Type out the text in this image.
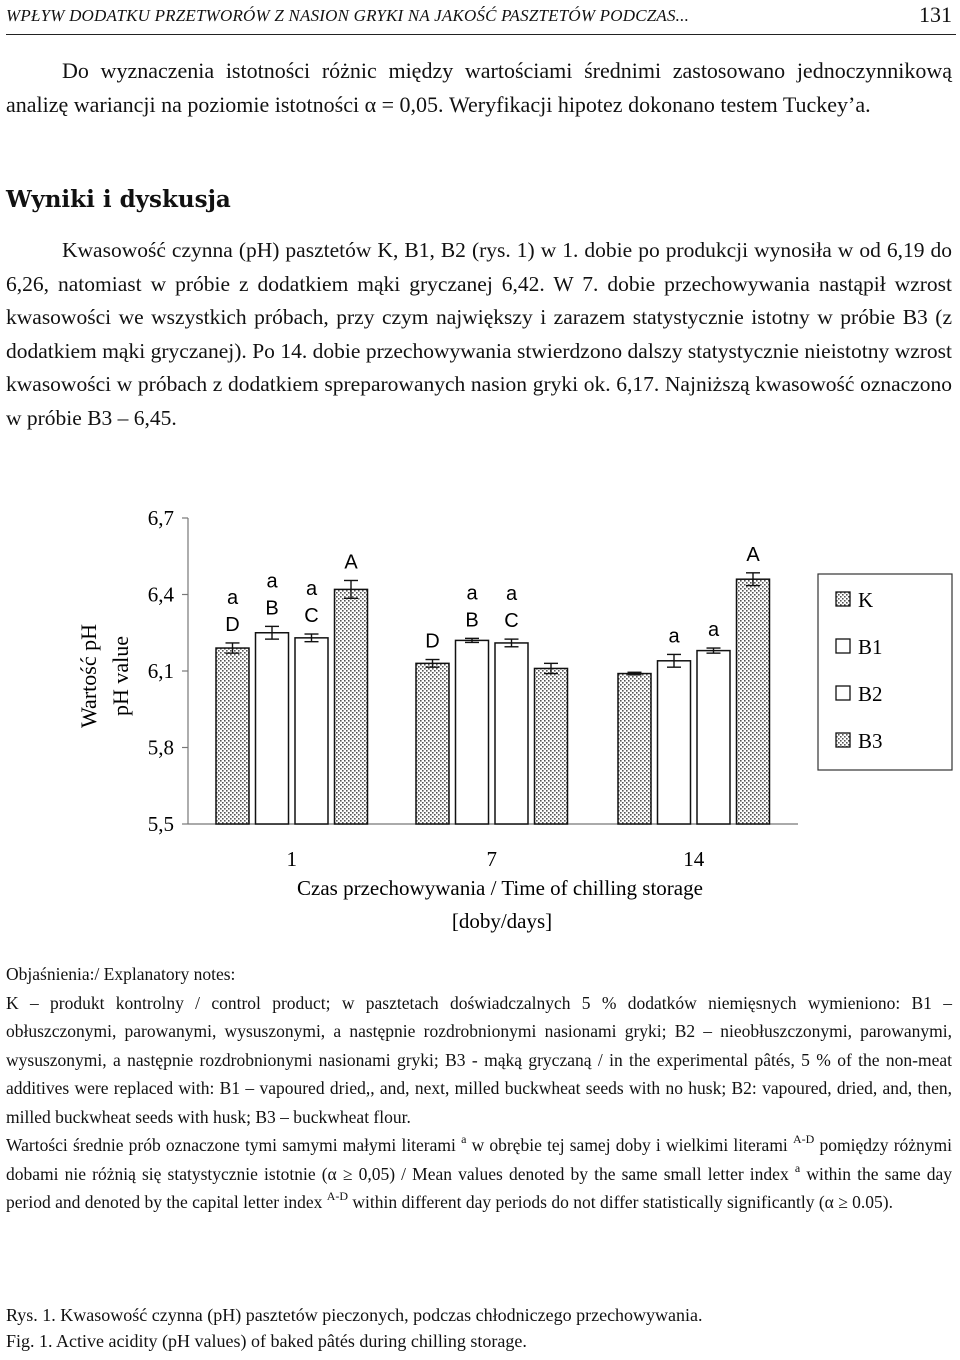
WPŁYW DODATKU PRZETWORÓW Z NASION GRYKI NA JAKOŚĆ PASZTETÓW PODCZAS...	131

Do wyznaczenia istotności różnic między wartościami średnimi zastosowano jednoczynnikową analizę wariancji na poziomie istotności α = 0,05. Weryfikacji hipotez dokonano testem Tuckey’a.

Wyniki i dyskusja

Kwasowość czynna (pH) pasztetów K, B1, B2 (rys. 1) w 1. dobie po produkcji wynosiła w od 6,19 do 6,26, natomiast w próbie z dodatkiem mąki gryczanej 6,42. W 7. dobie przechowywania nastąpił wzrost kwasowości we wszystkich próbach, przy czym największy i zarazem statystycznie istotny w próbie B3 (z dodatkiem mąki gryczanej). Po 14. dobie przechowywania stwierdzono dalszy statystycznie nieistotny wzrost kwasowości w próbach z dodatkiem spreparowanych nasion gryki ok. 6,17. Najniższą kwasowość oznaczono w próbie B3 – 6,45.

6,7
6,4
6,1
5,8
5,5
1	7	14
D
a B
a
C
a
A
D
B
a
C
a
a a
A
K
B1
B2
B3
Wartość pH pH value
Czas przechowywania / Time of chilling storage
[doby/days]
Objaśnienia:/ Explanatory notes:
K – produkt kontrolny / control product; w pasztetach doświadczalnych 5 % dodatków niemięsnych wymieniono: B1 – obłuszczonymi, parowanymi, wysuszonymi, a następnie rozdrobnionymi nasionami gryki; B2 – nieobłuszczonymi, parowanymi, wysuszonymi, a następnie rozdrobnionymi nasionami gryki; B3 - mąką gryczaną / in the experimental pâtés, 5 % of the non-meat additives were replaced with: B1 – vapoured dried,, and, next, milled buckwheat seeds with no husk; B2: vapoured, dried, and, then, milled buckwheat seeds with husk; B3 – buckwheat flour.
Wartości średnie prób oznaczone tymi samymi małymi literami $^a$ w obrębie tej samej doby i wielkimi literami $^{A-D}$ pomiędzy różnymi dobami nie różnią się statystycznie istotnie (α ≥ 0,05) / Mean values denoted by the same small letter index $^a$ within the same day period and denoted by the capital letter index $^{A-D}$ within different day periods do not differ statistically significantly (α ≥ 0.05).

Rys. 1. Kwasowość czynna (pH) pasztetów pieczonych, podczas chłodniczego przechowywania.

Fig. 1. Active acidity (pH values) of baked pâtés during chilling storage.
